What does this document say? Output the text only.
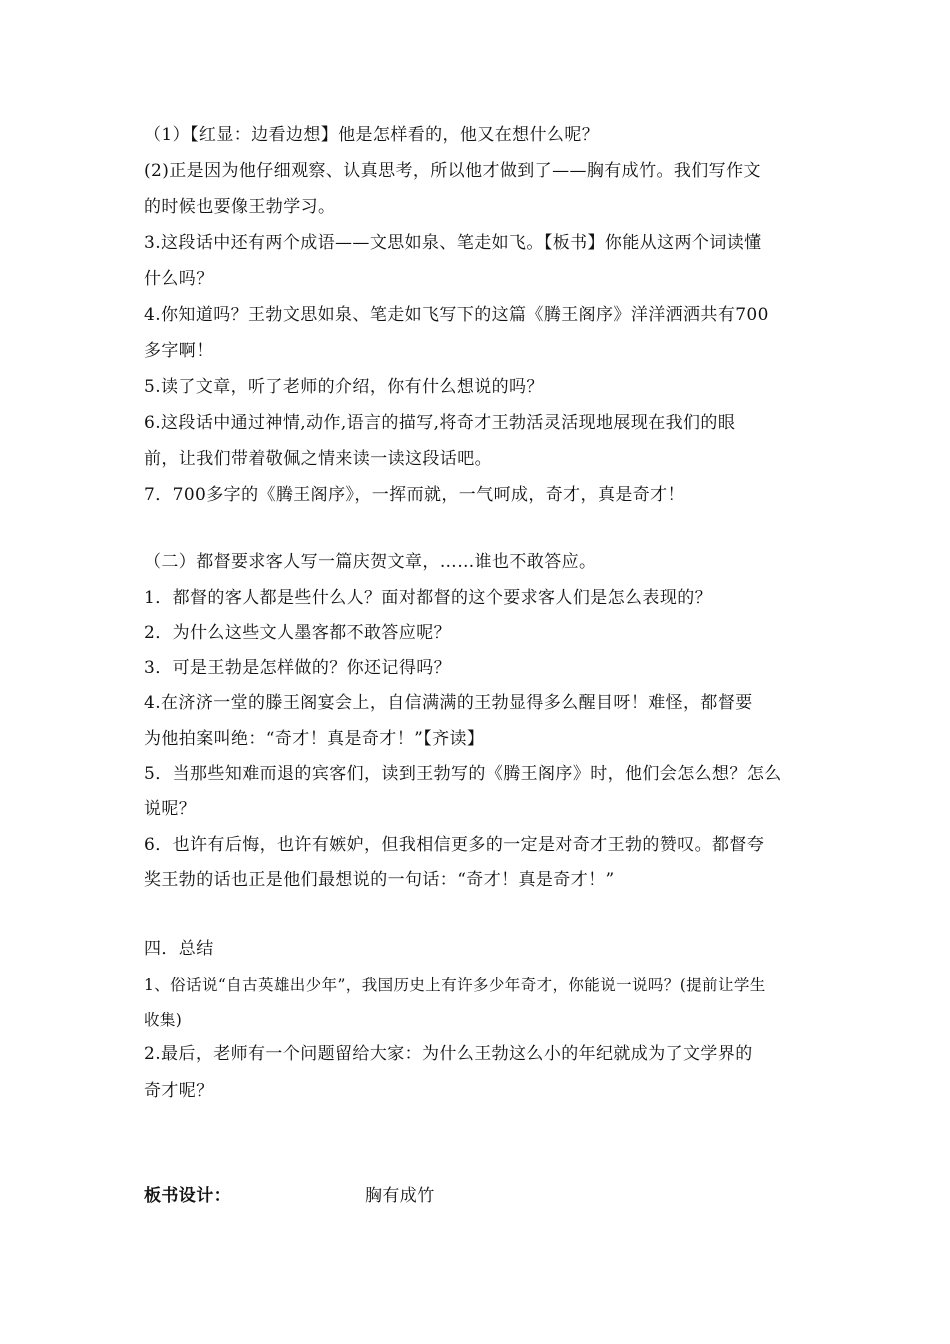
（1）【红显：边看边想】他是怎样看的，他又在想什么呢？
(2)正是因为他仔细观察、认真思考，所以他才做到了——胸有成竹。我们写作文
的时候也要像王勃学习。
3.这段话中还有两个成语——文思如泉、笔走如飞。【板书】你能从这两个词读懂
什么吗？
4.你知道吗？王勃文思如泉、笔走如飞写下的这篇《腾王阁序》洋洋洒洒共有700
多字啊！
5.读了文章，听了老师的介绍，你有什么想说的吗？
6.这段话中通过神情,动作,语言的描写,将奇才王勃活灵活现地展现在我们的眼
前，让我们带着敬佩之情来读一读这段话吧。
7．700多字的《腾王阁序》，一挥而就，一气呵成，奇才，真是奇才！
（二）都督要求客人写一篇庆贺文章，……谁也不敢答应。
1．都督的客人都是些什么人？面对都督的这个要求客人们是怎么表现的？
2．为什么这些文人墨客都不敢答应呢？
3．可是王勃是怎样做的？你还记得吗？
4.在济济一堂的滕王阁宴会上，自信满满的王勃显得多么醒目呀！难怪，都督要
为他拍案叫绝：“奇才！真是奇才！”【齐读】
5．当那些知难而退的宾客们，读到王勃写的《腾王阁序》时，他们会怎么想？怎么
说呢？
6．也许有后悔，也许有嫉妒，但我相信更多的一定是对奇才王勃的赞叹。都督夸
奖王勃的话也正是他们最想说的一句话：“奇才！真是奇才！”
四．总结
1、俗话说“自古英雄出少年”，我国历史上有许多少年奇才，你能说一说吗？(提前让学生
收集)
2.最后，老师有一个问题留给大家：为什么王勃这么小的年纪就成为了文学界的
奇才呢？
板书设计：	胸有成竹
